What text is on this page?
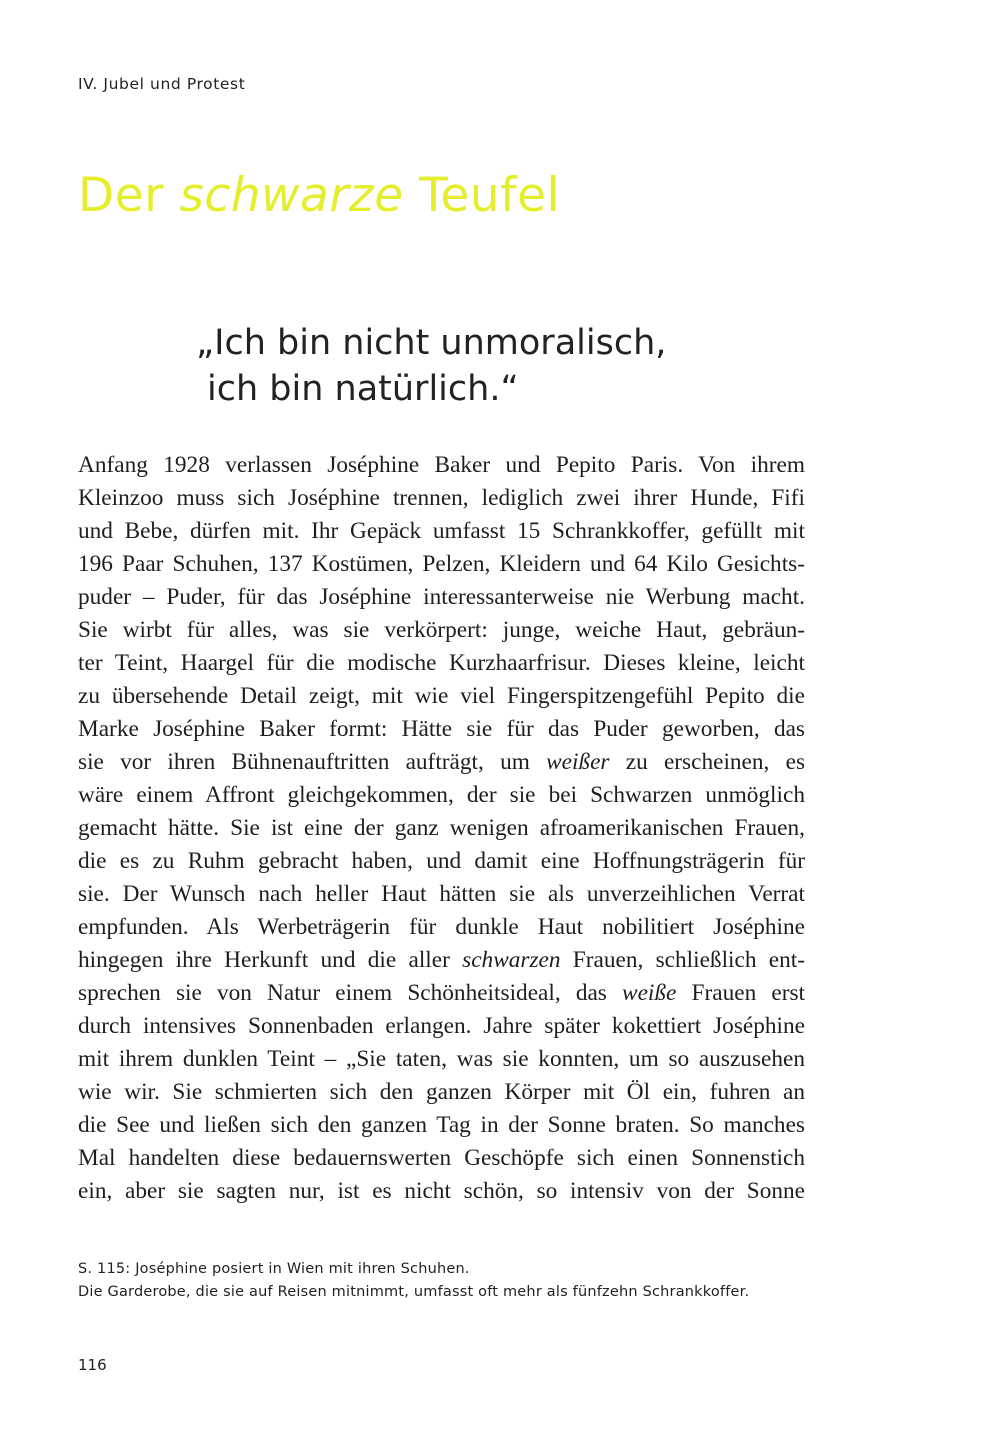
IV. Jubel und Protest
Der schwarze Teufel
„Ich bin nicht unmoralisch,
ich bin natürlich.“
Anfang 1928 verlassen Joséphine Baker und Pepito Paris. Von ihrem
Kleinzoo muss sich Joséphine trennen, lediglich zwei ihrer Hunde, Fifi
und Bebe, dürfen mit. Ihr Gepäck umfasst 15 Schrankkoffer, gefüllt mit
196 Paar Schuhen, 137 Kostümen, Pelzen, Kleidern und 64 Kilo Gesichts-
puder – Puder, für das Joséphine interessanterweise nie Werbung macht.
Sie wirbt für alles, was sie verkörpert: junge, weiche Haut, gebräun-
ter Teint, Haargel für die modische Kurzhaarfrisur. Dieses kleine, leicht
zu übersehende Detail zeigt, mit wie viel Fingerspitzengefühl Pepito die
Marke Joséphine Baker formt: Hätte sie für das Puder geworben, das
sie vor ihren Bühnenauftritten aufträgt, um weißer zu erscheinen, es
wäre einem Affront gleichgekommen, der sie bei Schwarzen unmöglich
gemacht hätte. Sie ist eine der ganz wenigen afroamerikanischen Frauen,
die es zu Ruhm gebracht haben, und damit eine Hoffnungsträgerin für
sie. Der Wunsch nach heller Haut hätten sie als unverzeihlichen Verrat
empfunden. Als Werbeträgerin für dunkle Haut nobilitiert Joséphine
hingegen ihre Herkunft und die aller schwarzen Frauen, schließlich ent-
sprechen sie von Natur einem Schönheitsideal, das weiße Frauen erst
durch intensives Sonnenbaden erlangen. Jahre später kokettiert Joséphine
mit ihrem dunklen Teint – „Sie taten, was sie konnten, um so auszusehen
wie wir. Sie schmierten sich den ganzen Körper mit Öl ein, fuhren an
die See und ließen sich den ganzen Tag in der Sonne braten. So manches
Mal handelten diese bedauernswerten Geschöpfe sich einen Sonnenstich
ein, aber sie sagten nur, ist es nicht schön, so intensiv von der Sonne
S. 115: Joséphine posiert in Wien mit ihren Schuhen.
Die Garderobe, die sie auf Reisen mitnimmt, umfasst oft mehr als fünfzehn Schrankkoffer.
116
